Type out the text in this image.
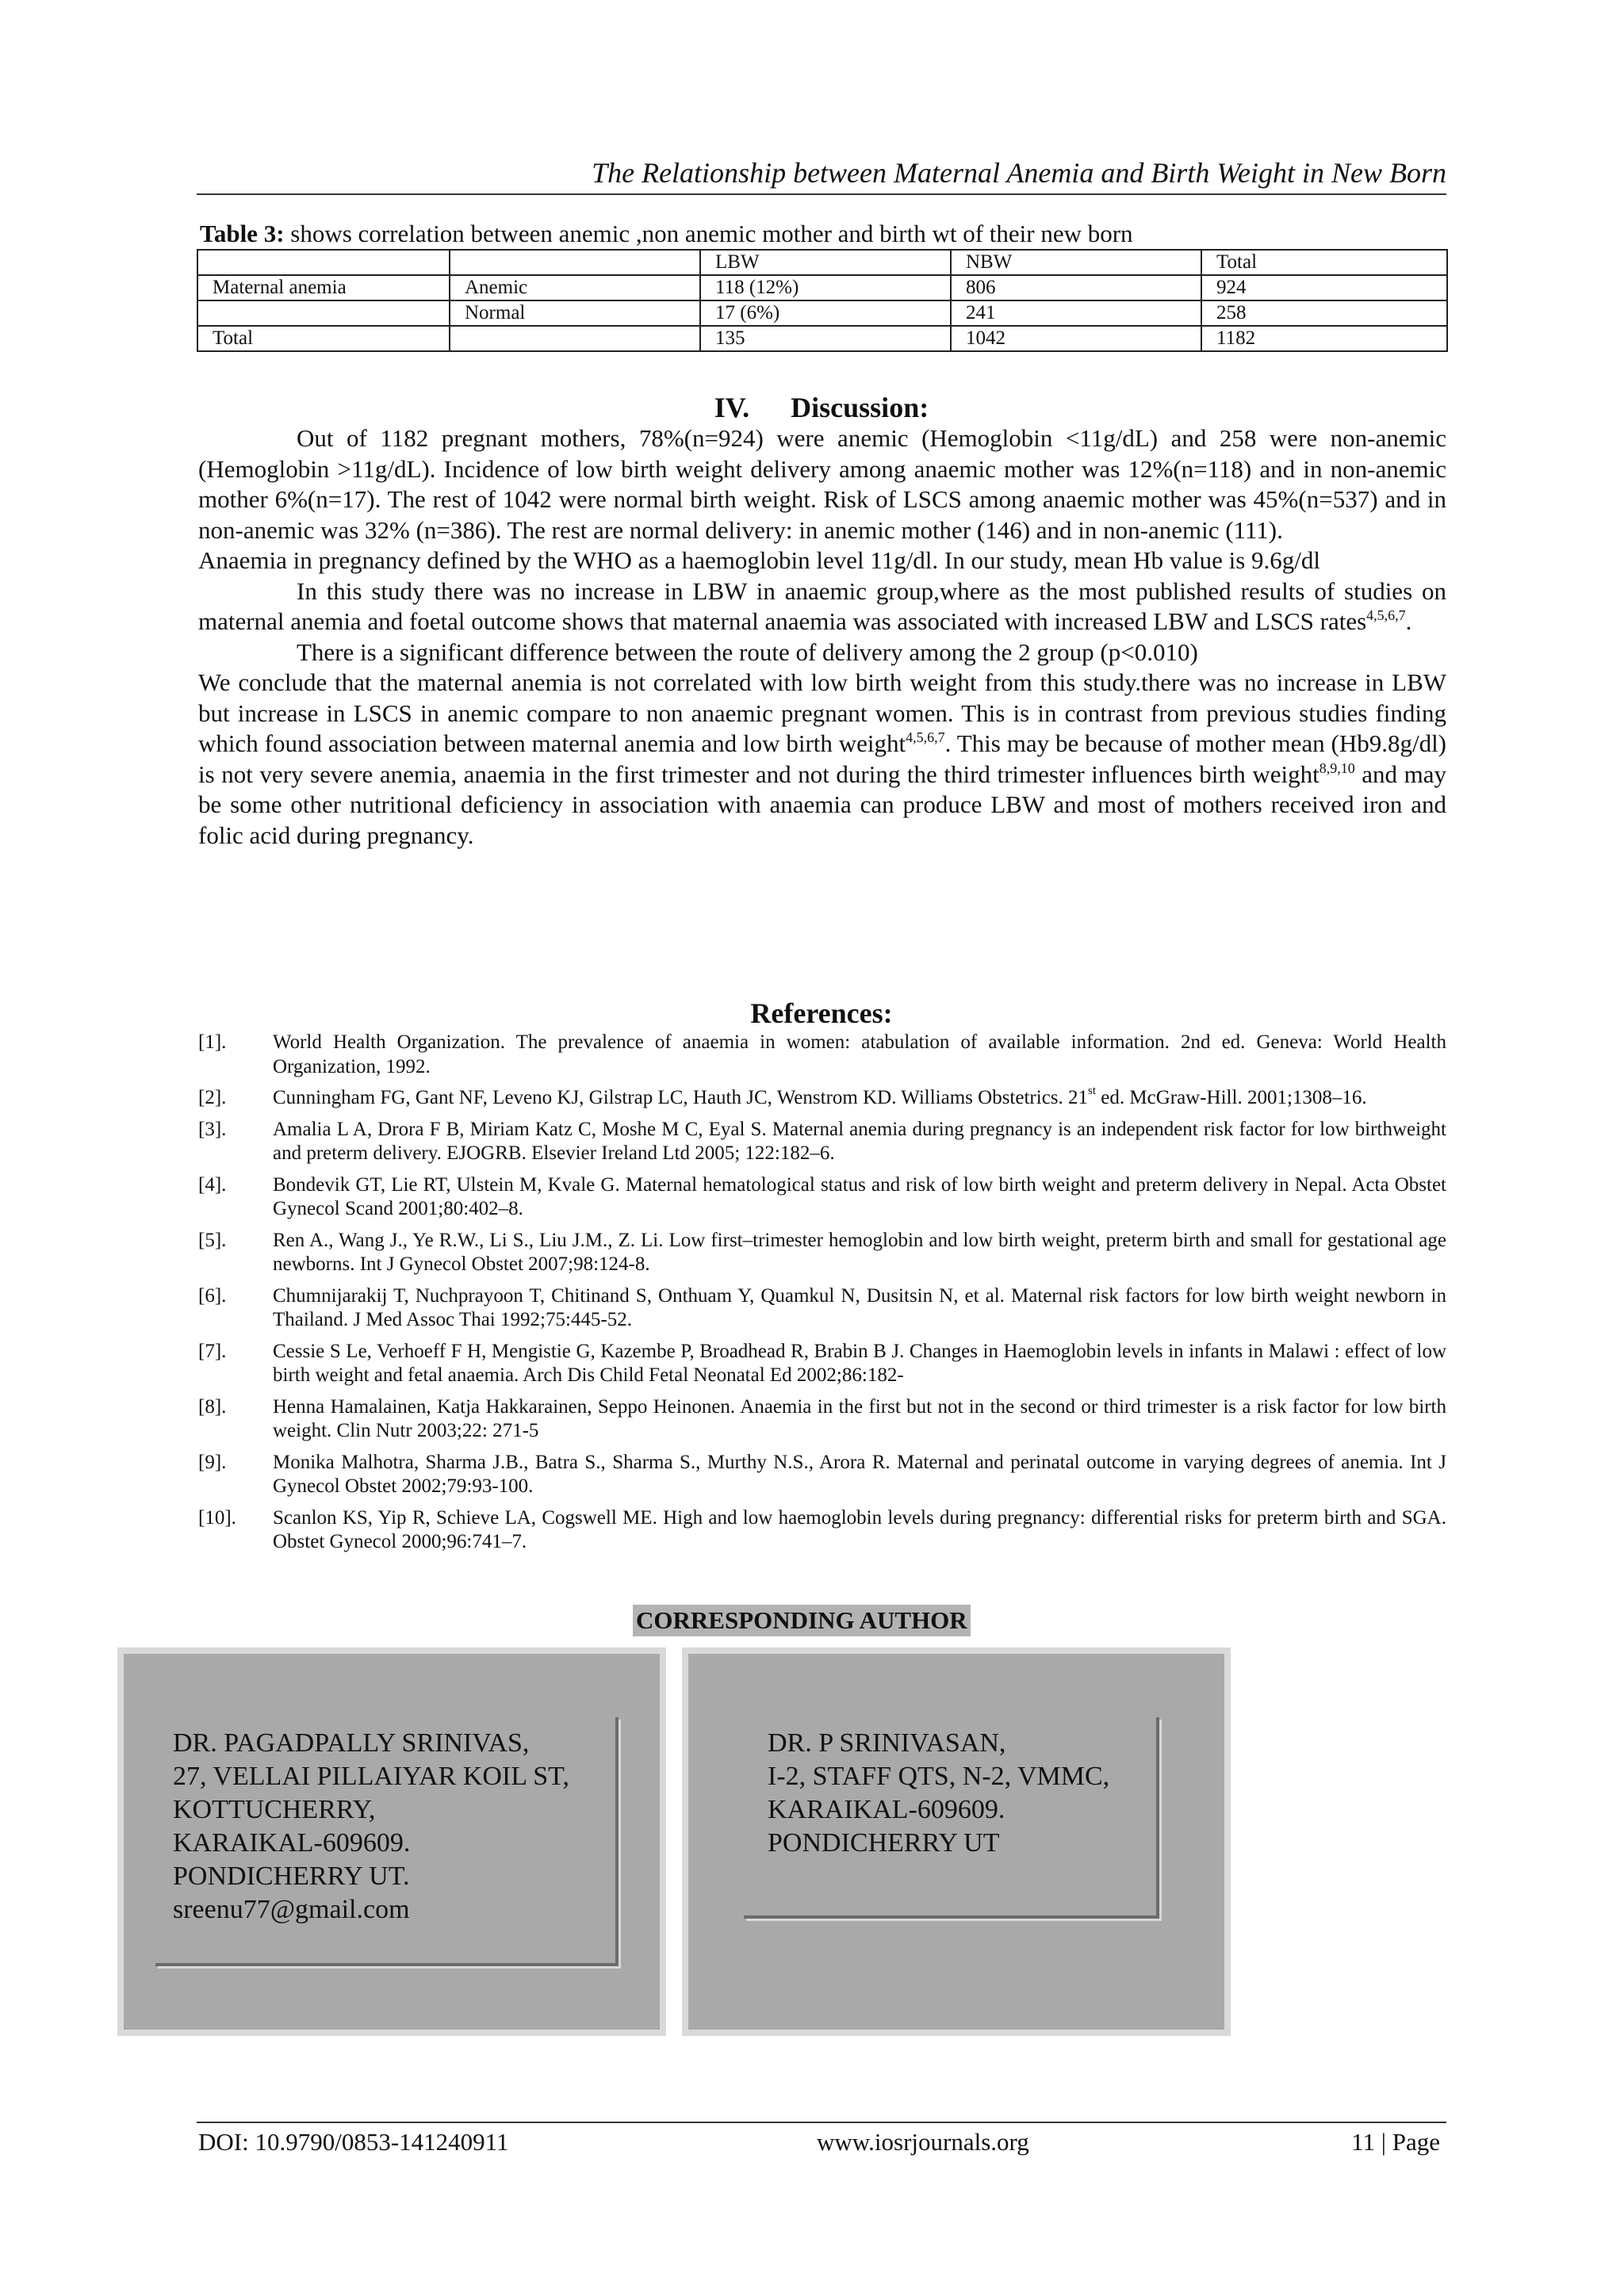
The Relationship between Maternal Anemia and Birth Weight in New Born
Table 3: shows correlation between anemic ,non anemic mother and birth wt of their new born
		LBW	NBW	Total
Maternal anemia	Anemic	118 (12%)	806	924
	Normal	17 (6%)	241	258
Total		135	1042	1182
IV. Discussion:

Out of 1182 pregnant mothers, 78%(n=924) were anemic (Hemoglobin <11g/dL) and 258 were non-anemic (Hemoglobin >11g/dL). Incidence of low birth weight delivery among anaemic mother was 12%(n=118) and in non-anemic mother 6%(n=17). The rest of 1042 were normal birth weight. Risk of LSCS among anaemic mother was 45%(n=537) and in non-anemic was 32% (n=386). The rest are normal delivery: in anemic mother (146) and in non-anemic (111).

Anaemia in pregnancy defined by the WHO as a haemoglobin level 11g/dl. In our study, mean Hb value is 9.6g/dl

In this study there was no increase in LBW in anaemic group,where as the most published results of studies on maternal anemia and foetal outcome shows that maternal anaemia was associated with increased LBW and LSCS rates$^{4,5,6,7}$.

There is a significant difference between the route of delivery among the 2 group (p<0.010)

We conclude that the maternal anemia is not correlated with low birth weight from this study.there was no increase in LBW but increase in LSCS in anemic compare to non anaemic pregnant women. This is in contrast from previous studies finding which found association between maternal anemia and low birth weight$^{4,5,6,7}$. This may be because of mother mean (Hb9.8g/dl) is not very severe anemia, anaemia in the first trimester and not during the third trimester influences birth weight$^{8,9,10}$ and may be some other nutritional deficiency in association with anaemia can produce LBW and most of mothers received iron and folic acid during pregnancy.

References:
[1].	World Health Organization. The prevalence of anaemia in women: atabulation of available information. 2nd ed. Geneva: World Health Organization, 1992.
[2].	Cunningham FG, Gant NF, Leveno KJ, Gilstrap LC, Hauth JC, Wenstrom KD. Williams Obstetrics. 21st ed. McGraw-Hill. 2001;1308–16.
[3].	Amalia L A, Drora F B, Miriam Katz C, Moshe M C, Eyal S. Maternal anemia during pregnancy is an independent risk factor for low birthweight and preterm delivery. EJOGRB. Elsevier Ireland Ltd 2005; 122:182–6.
[4].	Bondevik GT, Lie RT, Ulstein M, Kvale G. Maternal hematological status and risk of low birth weight and preterm delivery in Nepal. Acta Obstet Gynecol Scand 2001;80:402–8.
[5].	Ren A., Wang J., Ye R.W., Li S., Liu J.M., Z. Li. Low first–trimester hemoglobin and low birth weight, preterm birth and small for gestational age newborns. Int J Gynecol Obstet 2007;98:124-8.
[6].	Chumnijarakij T, Nuchprayoon T, Chitinand S, Onthuam Y, Quamkul N, Dusitsin N, et al. Maternal risk factors for low birth weight newborn in Thailand. J Med Assoc Thai 1992;75:445-52.
[7].	Cessie S Le, Verhoeff F H, Mengistie G, Kazembe P, Broadhead R, Brabin B J. Changes in Haemoglobin levels in infants in Malawi : effect of low birth weight and fetal anaemia. Arch Dis Child Fetal Neonatal Ed 2002;86:182-
[8].	Henna Hamalainen, Katja Hakkarainen, Seppo Heinonen. Anaemia in the first but not in the second or third trimester is a risk factor for low birth weight. Clin Nutr 2003;22: 271-5
[9].	Monika Malhotra, Sharma J.B., Batra S., Sharma S., Murthy N.S., Arora R. Maternal and perinatal outcome in varying degrees of anemia. Int J Gynecol Obstet 2002;79:93-100.
[10].	Scanlon KS, Yip R, Schieve LA, Cogswell ME. High and low haemoglobin levels during pregnancy: differential risks for preterm birth and SGA. Obstet Gynecol 2000;96:741–7.
CORRESPONDING AUTHOR
DR. PAGADPALLY SRINIVAS,
27, VELLAI PILLAIYAR KOIL ST,
KOTTUCHERRY,
KARAIKAL-609609.
PONDICHERRY UT.
sreenu77@gmail.com
DR. P SRINIVASAN,
I-2, STAFF QTS, N-2, VMMC,
KARAIKAL-609609.
PONDICHERRY UT
DOI: 10.9790/0853-141240911	www.iosrjournals.org	11 | Page
